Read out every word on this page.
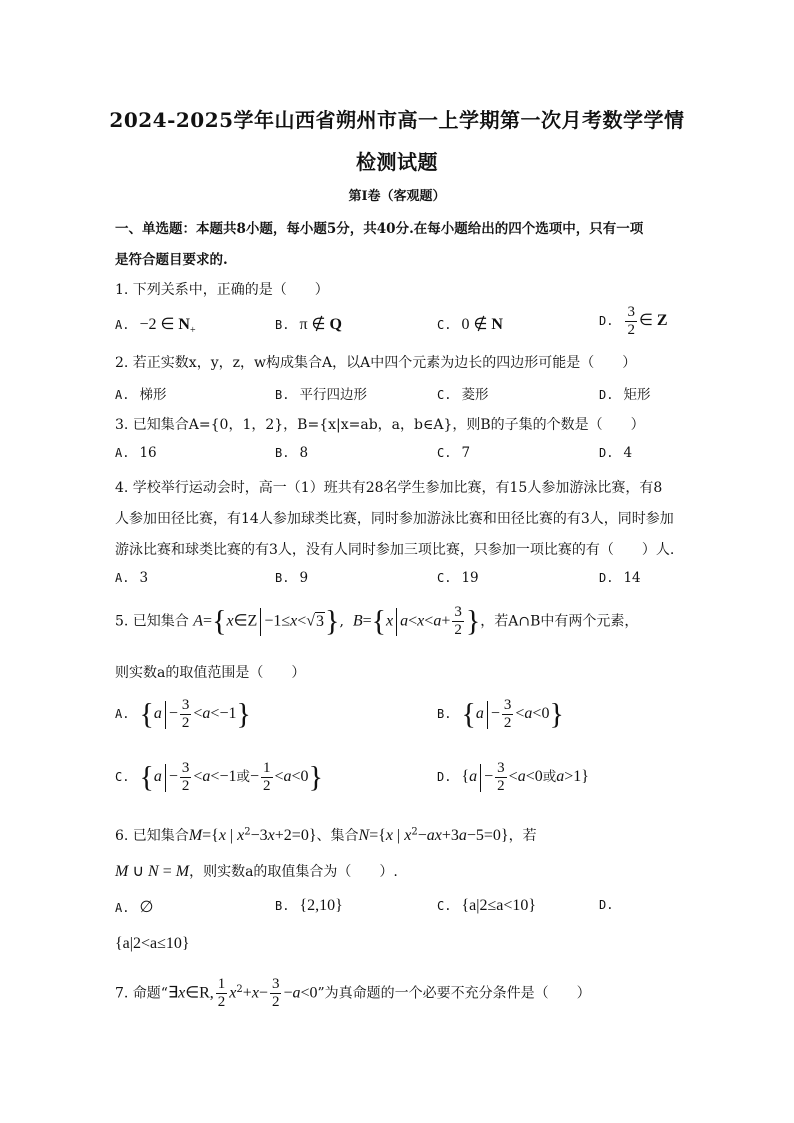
2024-2025学年山西省朔州市高一上学期第一次月考数学学情
检测试题
第I卷（客观题）
一、单选题：本题共8小题，每小题5分，共40分.在每小题给出的四个选项中，只有一项
是符合题目要求的.
1. 下列关系中，正确的是（　　）
A. −2 ∈ $N_+$	B. π ∉ Q	C. 0 ∉ N	D. $\frac{3}{2}$ ∈ Z
2. 若正实数x，y，z，w构成集合A，以A中四个元素为边长的四边形可能是（　　）
A. 梯形	B. 平行四边形	C. 菱形	D. 矩形
3. 已知集合A={0，1，2}，B={x|x=ab，a，b∈A}，则B的子集的个数是（　　）
A. 16	B. 8	C. 7	D. 4
4. 学校举行运动会时，高一（1）班共有28名学生参加比赛，有15人参加游泳比赛，有8
人参加田径比赛，有14人参加球类比赛，同时参加游泳比赛和田径比赛的有3人，同时参加
游泳比赛和球类比赛的有3人，没有人同时参加三项比赛，只参加一项比赛的有（　　）人.
A. 3	B. 9	C. 19	D. 14
5. 已知集合 A={x∈Z −1≤x<√3},  B={x $a<x<a+ \frac{3}{2}$ }，若A∩B中有两个元素，
则实数a的取值范围是（　　）
A. $\{a - \frac{3}{2} <a<-1\}$	B. $\{a - \frac{3}{2} <a<0\}$
C. {$a - \frac{3}{2} <a<-1$或− $\frac{1}{2} <a<0$}	D. {$a - \frac{3}{2} <a<0$或a>1}
6. 已知集合M={x | $x^2-3x+2=0$}、集合N={x | $x^2-ax+3a-5=0$}，若
M ∪ N = M，则实数a的取值集合为（　　）.
A. ∅	B. {2,10}	C. {a|2≤a<10}	D.
{a|2<a≤10}
7. 命题“∃x∈R, $\frac{1}{2} x^2+x- \frac{3}{2} -a<0$”为真命题的一个必要不充分条件是（　　）
